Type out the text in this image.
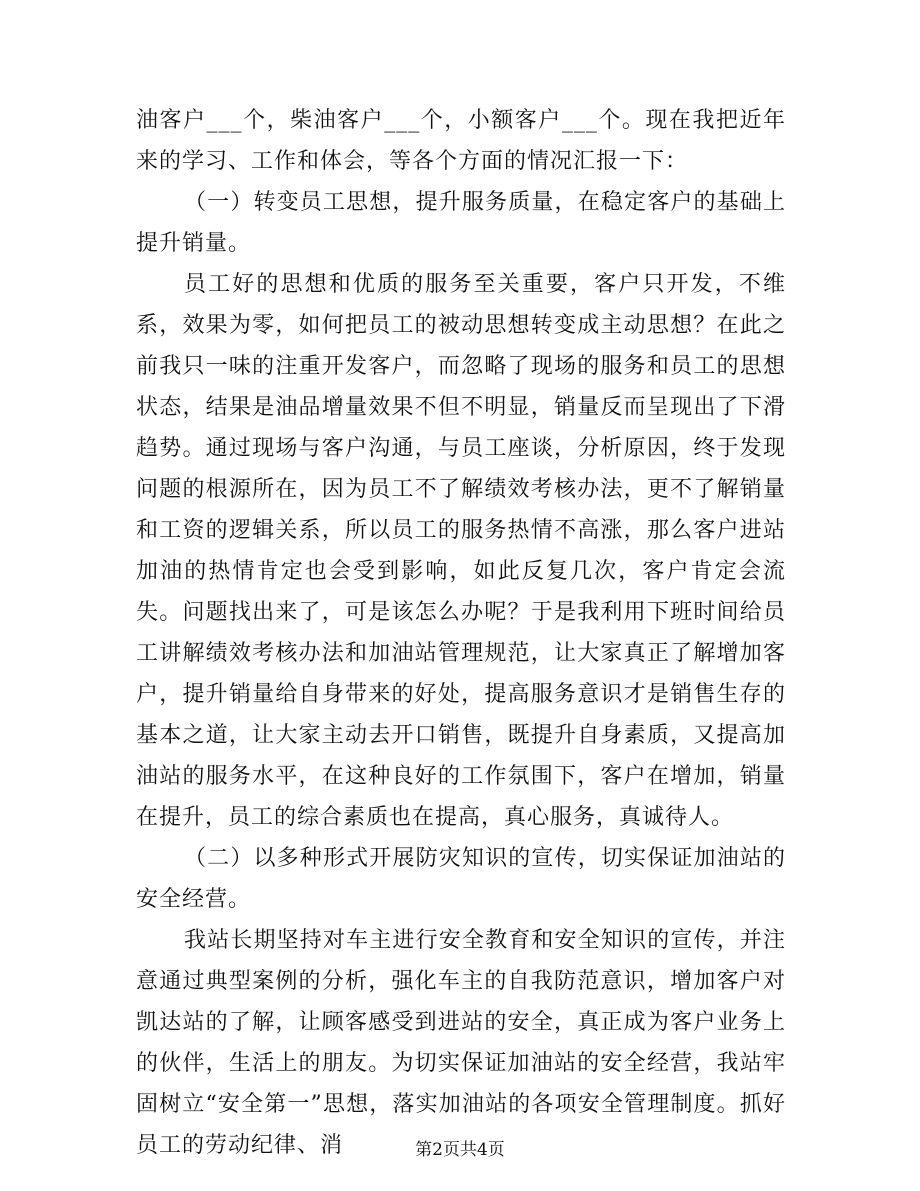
油客户___个，柴油客户___个，小额客户___个。现在我把近年来的学习、工作和体会，等各个方面的情况汇报一下：

（一）转变员工思想，提升服务质量，在稳定客户的基础上提升销量。

员工好的思想和优质的服务至关重要，客户只开发，不维系，效果为零，如何把员工的被动思想转变成主动思想？在此之前我只一味的注重开发客户，而忽略了现场的服务和员工的思想状态，结果是油品增量效果不但不明显，销量反而呈现出了下滑趋势。通过现场与客户沟通，与员工座谈，分析原因，终于发现问题的根源所在，因为员工不了解绩效考核办法，更不了解销量和工资的逻辑关系，所以员工的服务热情不高涨，那么客户进站加油的热情肯定也会受到影响，如此反复几次，客户肯定会流失。问题找出来了，可是该怎么办呢？于是我利用下班时间给员工讲解绩效考核办法和加油站管理规范，让大家真正了解增加客户，提升销量给自身带来的好处，提高服务意识才是销售生存的基本之道，让大家主动去开口销售，既提升自身素质，又提高加油站的服务水平，在这种良好的工作氛围下，客户在增加，销量在提升，员工的综合素质也在提高，真心服务，真诚待人。

（二）以多种形式开展防灾知识的宣传，切实保证加油站的安全经营。

我站长期坚持对车主进行安全教育和安全知识的宣传，并注意通过典型案例的分析，强化车主的自我防范意识，增加客户对凯达站的了解，让顾客感受到进站的安全，真正成为客户业务上的伙伴，生活上的朋友。为切实保证加油站的安全经营，我站牢固树立“安全第一”思想，落实加油站的各项安全管理制度。抓好员工的劳动纪律、消	第2页共4页
